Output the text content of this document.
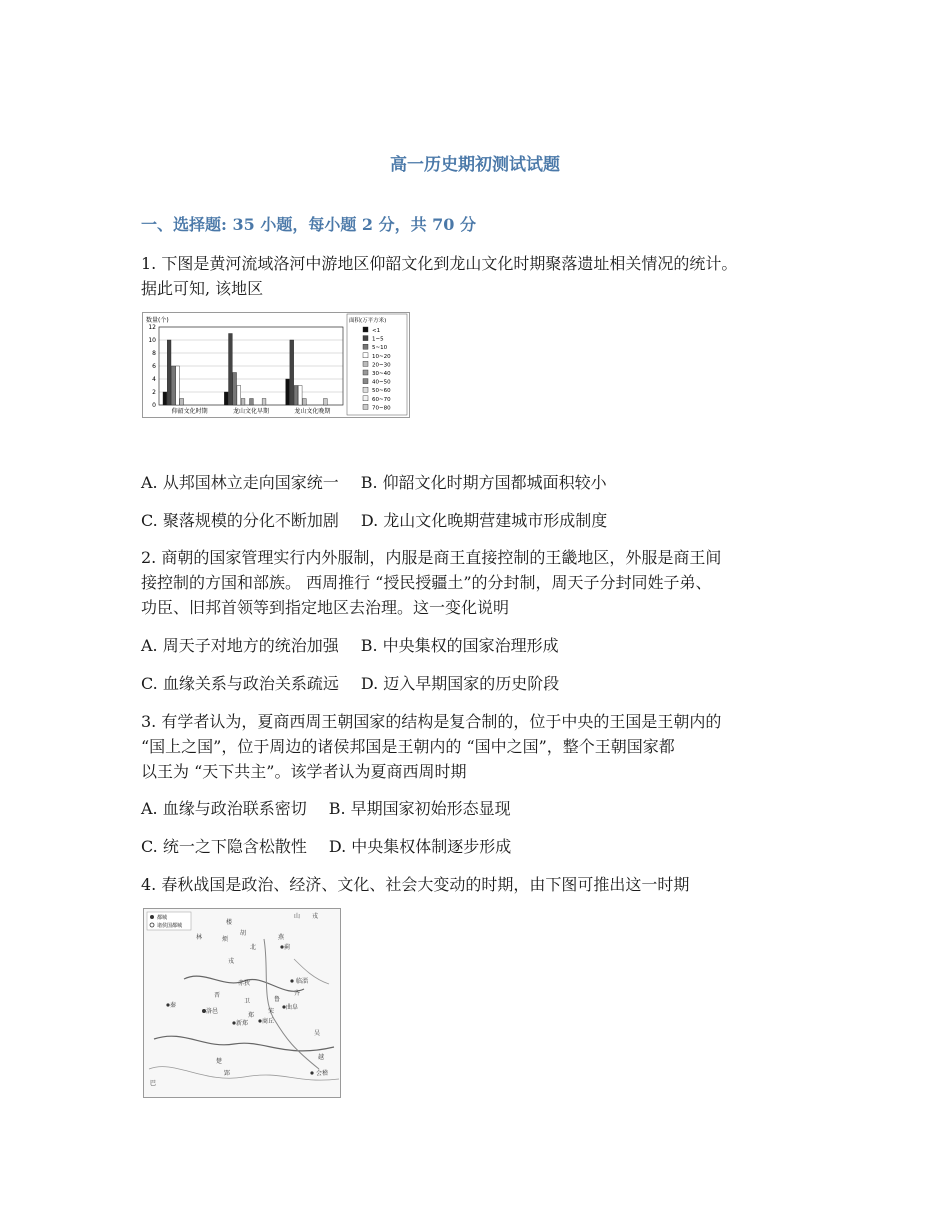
高一历史期初测试试题
一、选择题: 35 小题，每小题 2 分，共 70 分
1. 下图是黄河流域洛河中游地区仰韶文化到龙山文化时期聚落遗址相关情况的统计。
据此可知, 该地区
数量(个)
0
2
4
6
8
10
12
仰韶文化时期	龙山文化早期	龙山文化晚期
面积(万平方米)
<1
1~5
5~10
10~20
20~30
30~40
40~50
50~60
60~70
70~80
A. 从邦国林立走向国家统一 B. 仰韶文化时期方国都城面积较小
C. 聚落规模的分化不断加剧 D. 龙山文化晚期营建城市形成制度
2. 商朝的国家管理实行内外服制，内服是商王直接控制的王畿地区，外服是商王间
接控制的方国和部族。 西周推行 “授民授疆土”的分封制，周天子分封同姓子弟、
功臣、旧邦首领等到指定地区去治理。这一变化说明
A. 周天子对地方的统治加强 B. 中央集权的国家治理形成
C. 血缘关系与政治关系疏远 D. 迈入早期国家的历史阶段
3. 有学者认为，夏商西周王朝国家的结构是复合制的，位于中央的王国是王朝内的
“国上之国”，位于周边的诸侯邦国是王朝内的 “国中之国”，整个王朝国家都
以王为 “天下共主”。该学者认为夏商西周时期
A. 血缘与政治联系密切 B. 早期国家初始形态显现
C. 统一之下隐含松散性 D. 中央集权体制逐步形成
4. 春秋战国是政治、经济、文化、社会大变动的时期，由下图可推出这一时期
都城
诸侯国都城
山 戎
楼
林	烦
胡
北
戎
赤狄
燕
蓟
临淄
齐
曲阜
鲁
商丘
宋
晋
卫
新郑
郑
洛邑
秦
吴
越
会稽
巴
楚
郢
